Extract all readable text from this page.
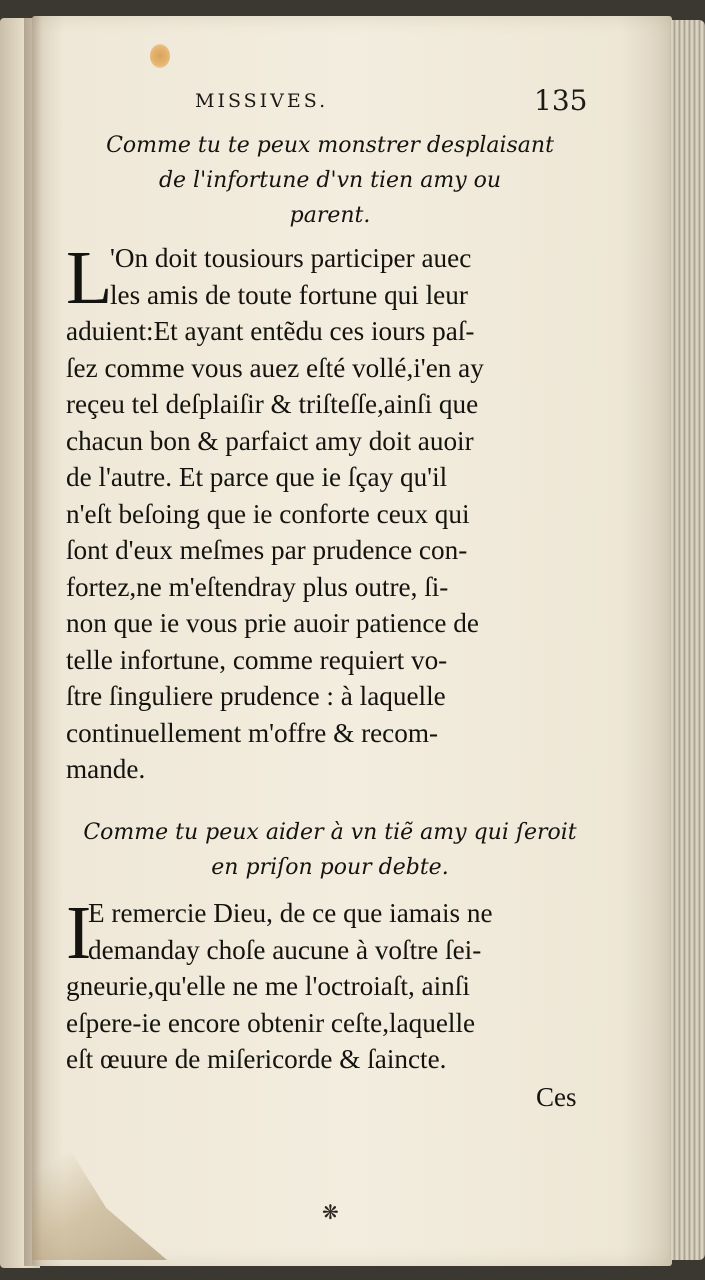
MISSIVES.	135
Comme tu te peux monstrer desplaisant
de l'infortune d'vn tien amy ou
parent.
L
'On doit tousiours participer auec
les amis de toute fortune qui leur
aduient:Et ayant entẽdu ces iours paſ-
ſez comme vous auez eſté vollé,i'en ay
reçeu tel deſplaiſir & triſteſſe,ainſi que
chacun bon & parfaict amy doit auoir
de l'autre. Et parce que ie ſçay qu'il
n'eſt beſoing que ie conforte ceux qui
ſont d'eux meſmes par prudence con-
fortez,ne m'eſtendray plus outre, ſi-
non que ie vous prie auoir patience de
telle infortune, comme requiert vo-
ſtre ſinguliere prudence : à laquelle
continuellement m'offre & recom-
mande.
Comme tu peux aider à vn tiẽ amy qui ſeroit
en priſon pour debte.
I
E remercie Dieu, de ce que iamais ne
demanday choſe aucune à voſtre ſei-
gneurie,qu'elle ne me l'octroiaſt, ainſi
eſpere-ie encore obtenir ceſte,laquelle
eſt œuure de miſericorde & ſaincte.
Ces
❋
